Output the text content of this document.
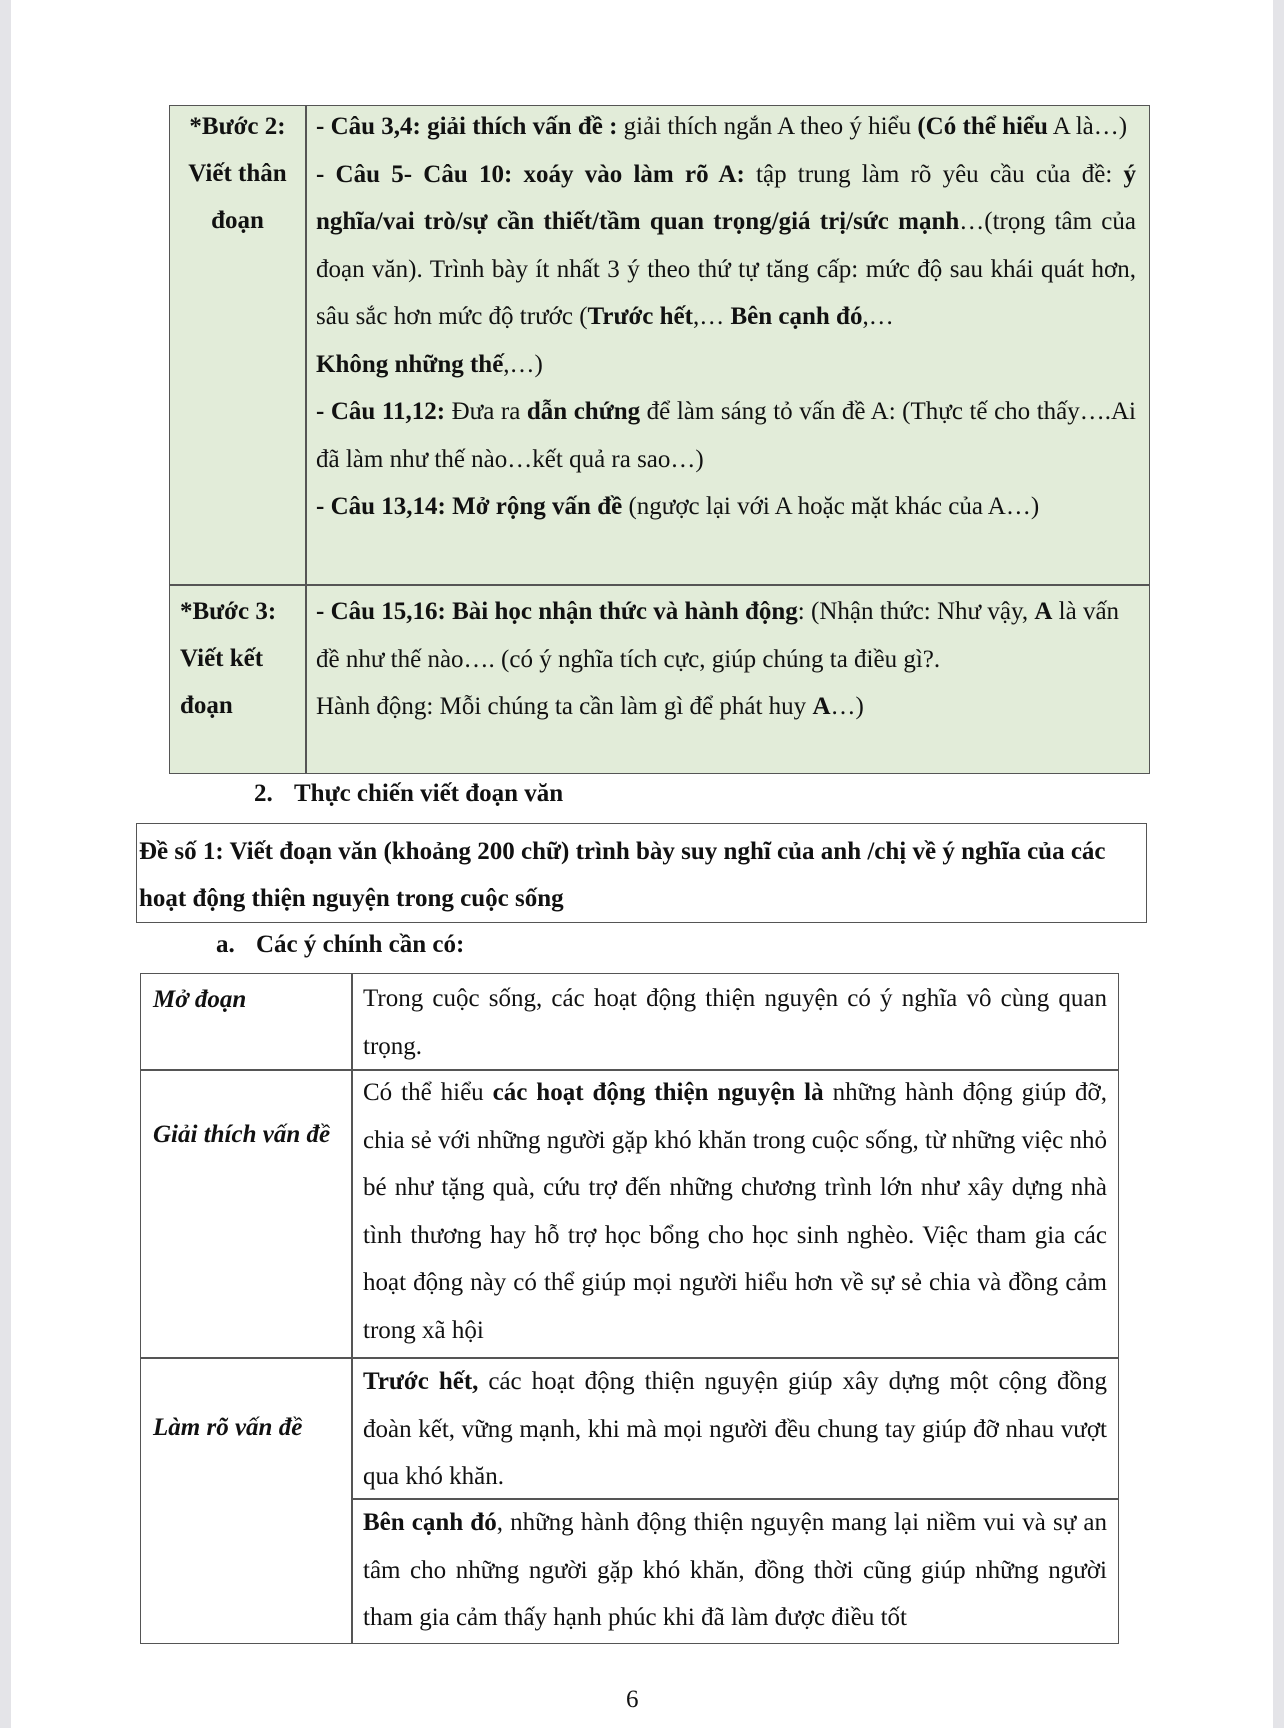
*Bước 2:
Viết thân
đoạn

- Câu 3,4: giải thích vấn đề : giải thích ngắn A theo ý hiểu (Có thể hiểu A là…)

- Câu 5- Câu 10: xoáy vào làm rõ A: tập trung làm rõ yêu cầu của đề: ý nghĩa/vai trò/sự cần thiết/tầm quan trọng/giá trị/sức mạnh…(trọng tâm của đoạn văn). Trình bày ít nhất 3 ý theo thứ tự tăng cấp: mức độ sau khái quát hơn, sâu sắc hơn mức độ trước (Trước hết,… Bên cạnh đó,…
Không những thế,…)

- Câu 11,12: Đưa ra dẫn chứng để làm sáng tỏ vấn đề A: (Thực tế cho thấy….Ai đã làm như thế nào…kết quả ra sao…)

- Câu 13,14: Mở rộng vấn đề (ngược lại với A hoặc mặt khác của A…)

*Bước 3:
Viết kết
đoạn

- Câu 15,16: Bài học nhận thức và hành động: (Nhận thức: Như vậy, A là vấn đề như thế nào…. (có ý nghĩa tích cực, giúp chúng ta điều gì?.

Hành động: Mỗi chúng ta cần làm gì để phát huy A…)

2. Thực chiến viết đoạn văn
Đề số 1: Viết đoạn văn (khoảng 200 chữ) trình bày suy nghĩ của anh /chị về ý nghĩa của các hoạt động thiện nguyện trong cuộc sống
a. Các ý chính cần có:
Mở đoạn	Trong cuộc sống, các hoạt động thiện nguyện có ý nghĩa vô cùng quan trọng.

Giải thích vấn đề

Có thể hiểu các hoạt động thiện nguyện là những hành động giúp đỡ, chia sẻ với những người gặp khó khăn trong cuộc sống, từ những việc nhỏ bé như tặng quà, cứu trợ đến những chương trình lớn như xây dựng nhà tình thương hay hỗ trợ học bổng cho học sinh nghèo. Việc tham gia các hoạt động này có thể giúp mọi người hiểu hơn về sự sẻ chia và đồng cảm trong xã hội

Làm rõ vấn đề

Trước hết, các hoạt động thiện nguyện giúp xây dựng một cộng đồng đoàn kết, vững mạnh, khi mà mọi người đều chung tay giúp đỡ nhau vượt qua khó khăn.

Bên cạnh đó, những hành động thiện nguyện mang lại niềm vui và sự an tâm cho những người gặp khó khăn, đồng thời cũng giúp những người tham gia cảm thấy hạnh phúc khi đã làm được điều tốt

6
